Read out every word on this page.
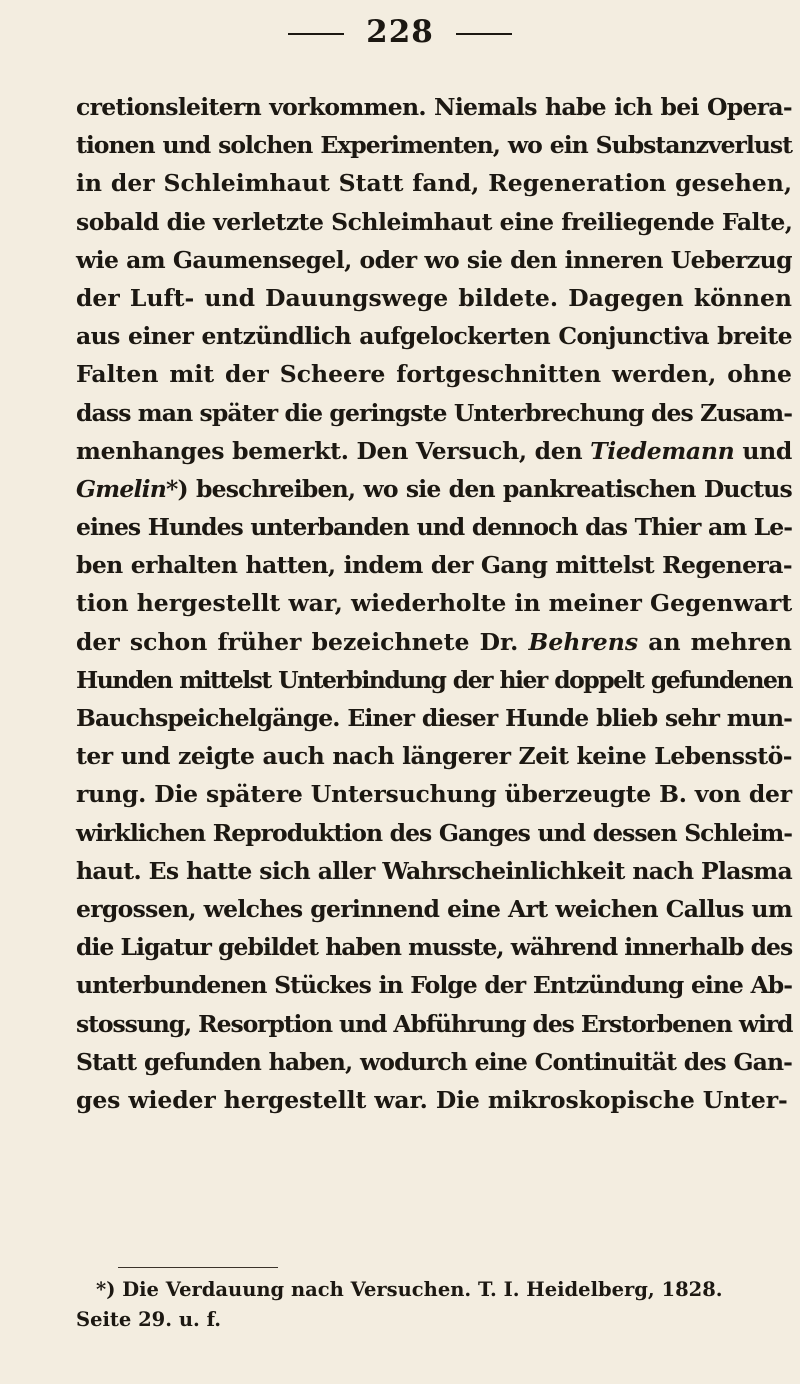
228
cretionsleitern vorkommen. Niemals habe ich bei Opera-
tionen und solchen Experimenten, wo ein Substanzverlust
in der Schleimhaut Statt fand, Regeneration gesehen,
sobald die verletzte Schleimhaut eine freiliegende Falte,
wie am Gaumensegel, oder wo sie den inneren Ueberzug
der Luft- und Dauungswege bildete. Dagegen können
aus einer entzündlich aufgelockerten Conjunctiva breite
Falten mit der Scheere fortgeschnitten werden, ohne
dass man später die geringste Unterbrechung des Zusam-
menhanges bemerkt. Den Versuch, den Tiedemann und
Gmelin*) beschreiben, wo sie den pankreatischen Ductus
eines Hundes unterbanden und dennoch das Thier am Le-
ben erhalten hatten, indem der Gang mittelst Regenera-
tion hergestellt war, wiederholte in meiner Gegenwart
der schon früher bezeichnete Dr. Behrens an mehren
Hunden mittelst Unterbindung der hier doppelt gefundenen
Bauchspeichelgänge. Einer dieser Hunde blieb sehr mun-
ter und zeigte auch nach längerer Zeit keine Lebensstö-
rung. Die spätere Untersuchung überzeugte B. von der
wirklichen Reproduktion des Ganges und dessen Schleim-
haut. Es hatte sich aller Wahrscheinlichkeit nach Plasma
ergossen, welches gerinnend eine Art weichen Callus um
die Ligatur gebildet haben musste, während innerhalb des
unterbundenen Stückes in Folge der Entzündung eine Ab-
stossung, Resorption und Abführung des Erstorbenen wird
Statt gefunden haben, wodurch eine Continuität des Gan-
ges wieder hergestellt war. Die mikroskopische Unter-
*) Die Verdauung nach Versuchen. T. I. Heidelberg, 1828.
Seite 29. u. f.
